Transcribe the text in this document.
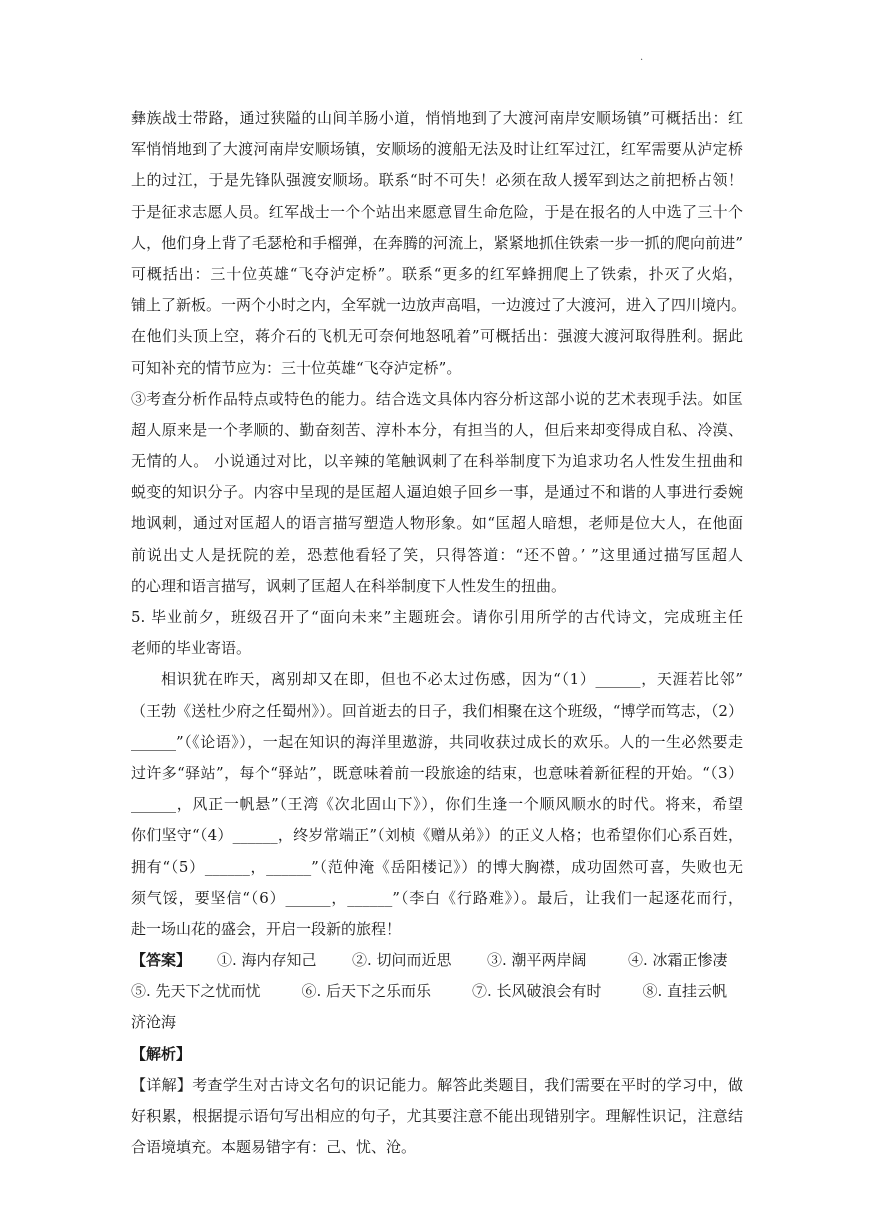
.
彝族战士带路，通过狭隘的山间羊肠小道，悄悄地到了大渡河南岸安顺场镇”可概括出：红
军悄悄地到了大渡河南岸安顺场镇，安顺场的渡船无法及时让红军过江，红军需要从泸定桥
上的过江，于是先锋队强渡安顺场。联系“时不可失！必须在敌人援军到达之前把桥占领！
于是征求志愿人员。红军战士一个个站出来愿意冒生命危险，于是在报名的人中选了三十个
人，他们身上背了毛瑟枪和手榴弹，在奔腾的河流上，紧紧地抓住铁索一步一抓的爬向前进”
可概括出：三十位英雄“飞夺泸定桥”。联系“更多的红军蜂拥爬上了铁索，扑灭了火焰，
铺上了新板。一两个小时之内，全军就一边放声高唱，一边渡过了大渡河，进入了四川境内。
在他们头顶上空，蒋介石的飞机无可奈何地怒吼着”可概括出：强渡大渡河取得胜利。据此
可知补充的情节应为：三十位英雄“飞夺泸定桥”。
③考查分析作品特点或特色的能力。结合选文具体内容分析这部小说的艺术表现手法。如匡
超人原来是一个孝顺的、勤奋刻苦、淳朴本分，有担当的人，但后来却变得成自私、冷漠、
无情的人。 小说通过对比，以辛辣的笔触讽刺了在科举制度下为追求功名人性发生扭曲和
蜕变的知识分子。内容中呈现的是匡超人逼迫娘子回乡一事，是通过不和谐的人事进行委婉
地讽刺，通过对匡超人的语言描写塑造人物形象。如“匡超人暗想，老师是位大人，在他面
前说出丈人是抚院的差，恐惹他看轻了笑，只得答道：“还不曾。’ ”这里通过描写匡超人
的心理和语言描写，讽刺了匡超人在科举制度下人性发生的扭曲。
5. 毕业前夕，班级召开了“面向未来”主题班会。请你引用所学的古代诗文，完成班主任
老师的毕业寄语。
相识犹在昨天，离别却又在即，但也不必太过伤感，因为“（1）______，天涯若比邻”
（王勃《送杜少府之任蜀州》）。回首逝去的日子，我们相聚在这个班级，“博学而笃志，（2）
______”（《论语》），一起在知识的海洋里遨游，共同收获过成长的欢乐。人的一生必然要走
过许多“驿站”，每个“驿站”，既意味着前一段旅途的结束，也意味着新征程的开始。“（3）
______，风正一帆悬”（王湾《次北固山下》），你们生逢一个顺风顺水的时代。将来，希望
你们坚守“（4）______，终岁常端正”（刘桢《赠从弟》）的正义人格；也希望你们心系百姓，
拥有“（5）______，______”（范仲淹《岳阳楼记》）的博大胸襟，成功固然可喜，失败也无
须气馁，要坚信“（6）______，______”（李白《行路难》）。最后，让我们一起逐花而行，
赴一场山花的盛会，开启一段新的旅程！
【答案】	①. 海内存知己	②. 切问而近思	③. 潮平两岸阔	④. 冰霜正惨凄
⑤. 先天下之忧而忧	⑥. 后天下之乐而乐	⑦. 长风破浪会有时	⑧. 直挂云帆
济沧海
【解析】
【详解】考查学生对古诗文名句的识记能力。解答此类题目，我们需要在平时的学习中，做
好积累，根据提示语句写出相应的句子，尤其要注意不能出现错别字。理解性识记，注意结
合语境填充。本题易错字有：己、忧、沧。
